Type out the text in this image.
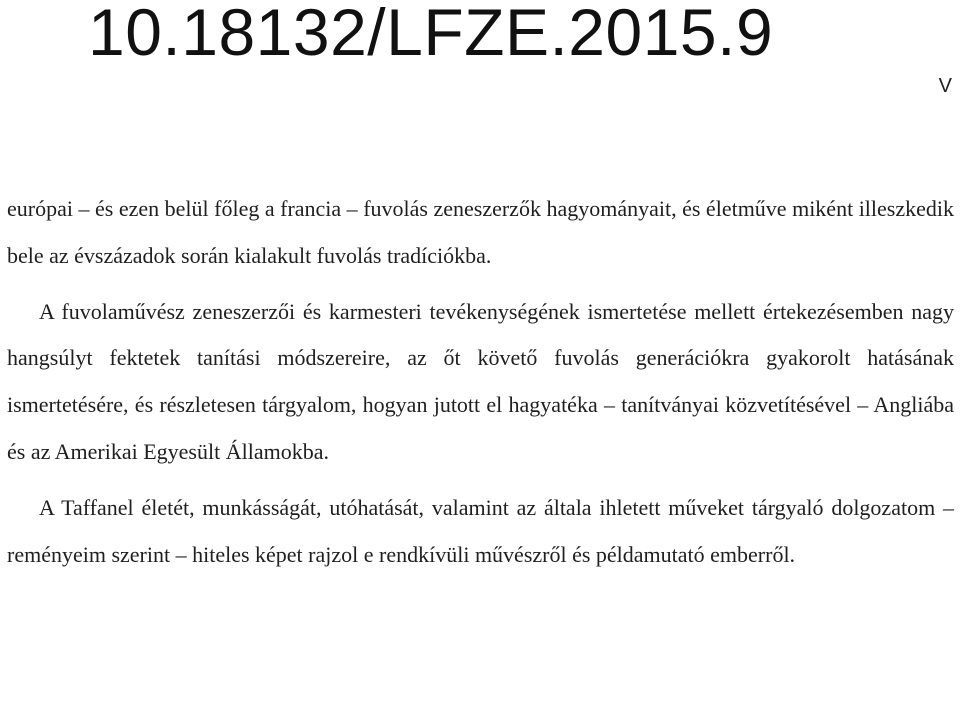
10.18132/LFZE.2015.9
V

európai – és ezen belül főleg a francia – fuvolás zeneszerzők hagyományait, és életműve miként illeszkedik bele az évszázadok során kialakult fuvolás tradíciókba.

A fuvolaművész zeneszerzői és karmesteri tevékenységének ismertetése mellett értekezésemben nagy hangsúlyt fektetek tanítási módszereire, az őt követő fuvolás generációkra gyakorolt hatásának ismertetésére, és részletesen tárgyalom, hogyan jutott el hagyatéka – tanítványai közvetítésével – Angliába és az Amerikai Egyesült Államokba.

A Taffanel életét, munkásságát, utóhatását, valamint az általa ihletett műveket tárgyaló dolgozatom – reményeim szerint – hiteles képet rajzol e rendkívüli művészről és példamutató emberről.
